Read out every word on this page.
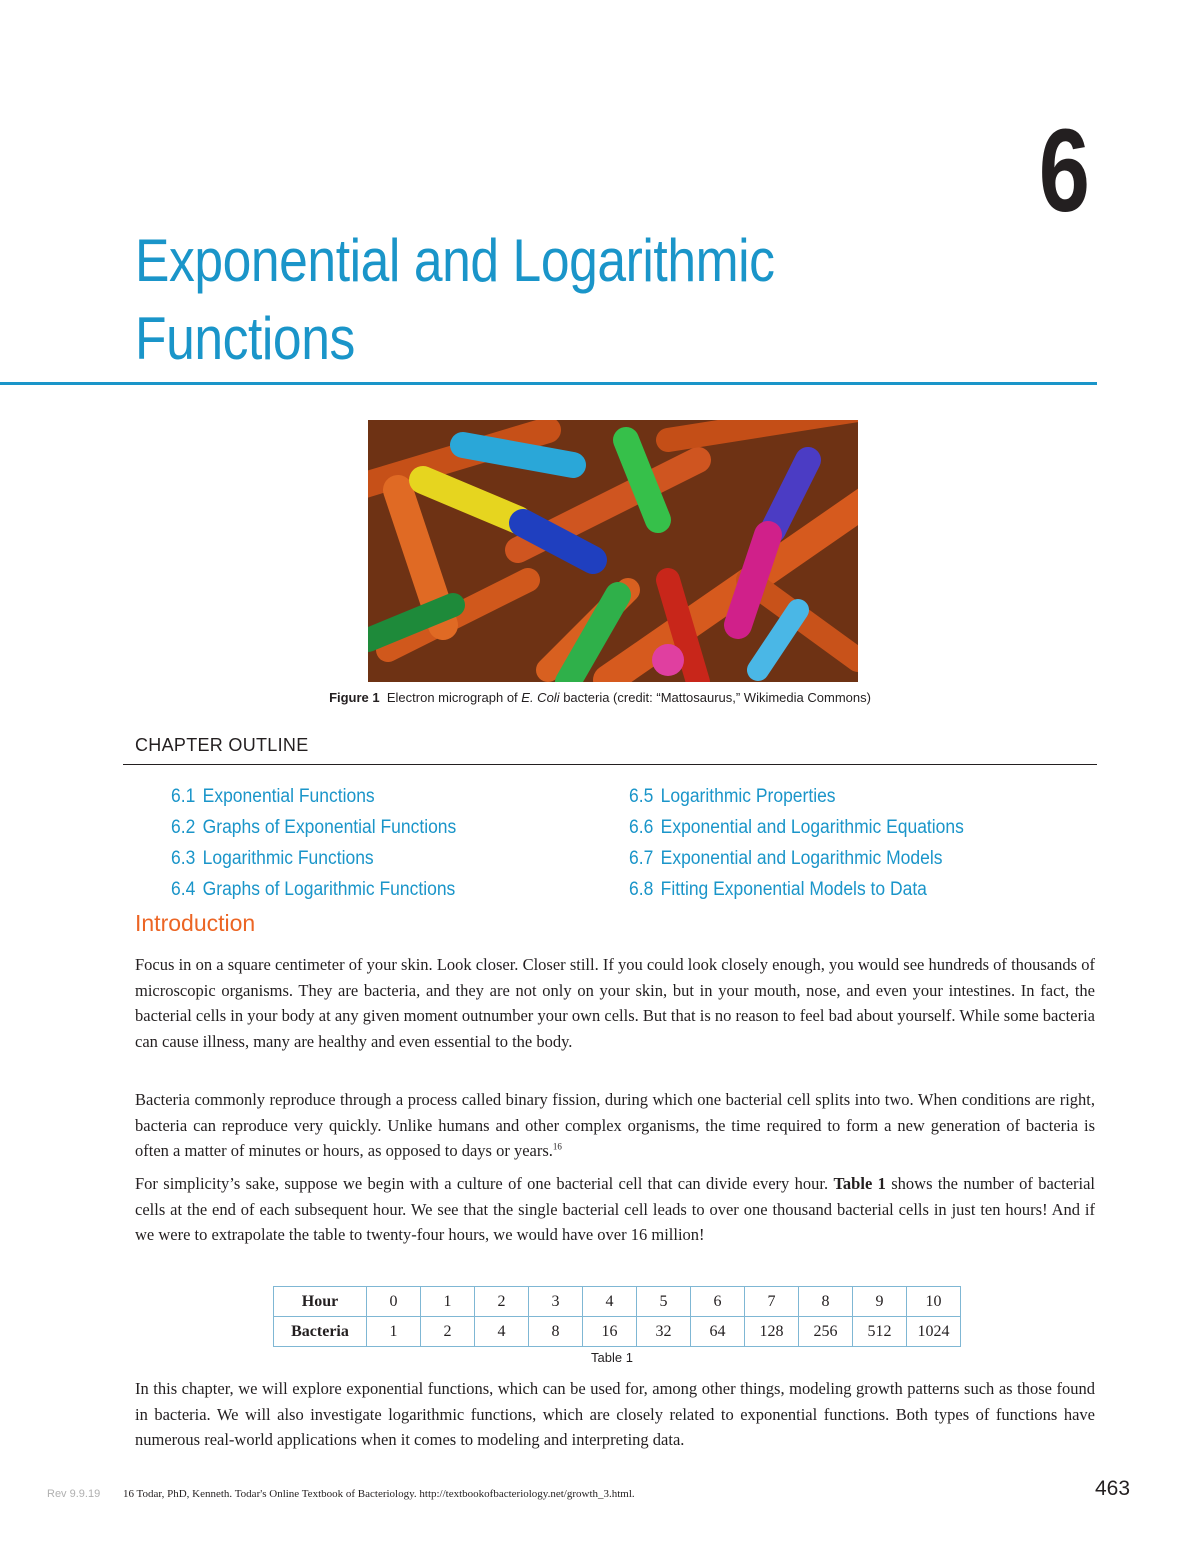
6
Exponential and Logarithmic
Functions
Figure 1 Electron micrograph of E. Coli bacteria (credit: “Mattosaurus,” Wikimedia Commons)
CHAPTER OUTLINE
6.1 Exponential Functions
6.2 Graphs of Exponential Functions
6.3 Logarithmic Functions
6.4 Graphs of Logarithmic Functions
6.5 Logarithmic Properties
6.6 Exponential and Logarithmic Equations
6.7 Exponential and Logarithmic Models
6.8 Fitting Exponential Models to Data
Introduction

Focus in on a square centimeter of your skin. Look closer. Closer still. If you could look closely enough, you would see hundreds of thousands of microscopic organisms. They are bacteria, and they are not only on your skin, but in your mouth, nose, and even your intestines. In fact, the bacterial cells in your body at any given moment outnumber your own cells. But that is no reason to feel bad about yourself. While some bacteria can cause illness, many are healthy and even essential to the body.

Bacteria commonly reproduce through a process called binary fission, during which one bacterial cell splits into two. When conditions are right, bacteria can reproduce very quickly. Unlike humans and other complex organisms, the time required to form a new generation of bacteria is often a matter of minutes or hours, as opposed to days or years.$^{16}$

For simplicity’s sake, suppose we begin with a culture of one bacterial cell that can divide every hour. Table 1 shows the number of bacterial cells at the end of each subsequent hour. We see that the single bacterial cell leads to over one thousand bacterial cells in just ten hours! And if we were to extrapolate the table to twenty-four hours, we would have over 16 million!

Hour	0	1	2	3	4	5	6	7	8	9	10
Bacteria	1	2	4	8	16	32	64	128	256	512	1024
Table 1

In this chapter, we will explore exponential functions, which can be used for, among other things, modeling growth patterns such as those found in bacteria. We will also investigate logarithmic functions, which are closely related to exponential functions. Both types of functions have numerous real-world applications when it comes to modeling and interpreting data.

Rev 9.9.19 16 Todar, PhD, Kenneth. Todar's Online Textbook of Bacteriology. http://textbookofbacteriology.net/growth_3.html.	463
